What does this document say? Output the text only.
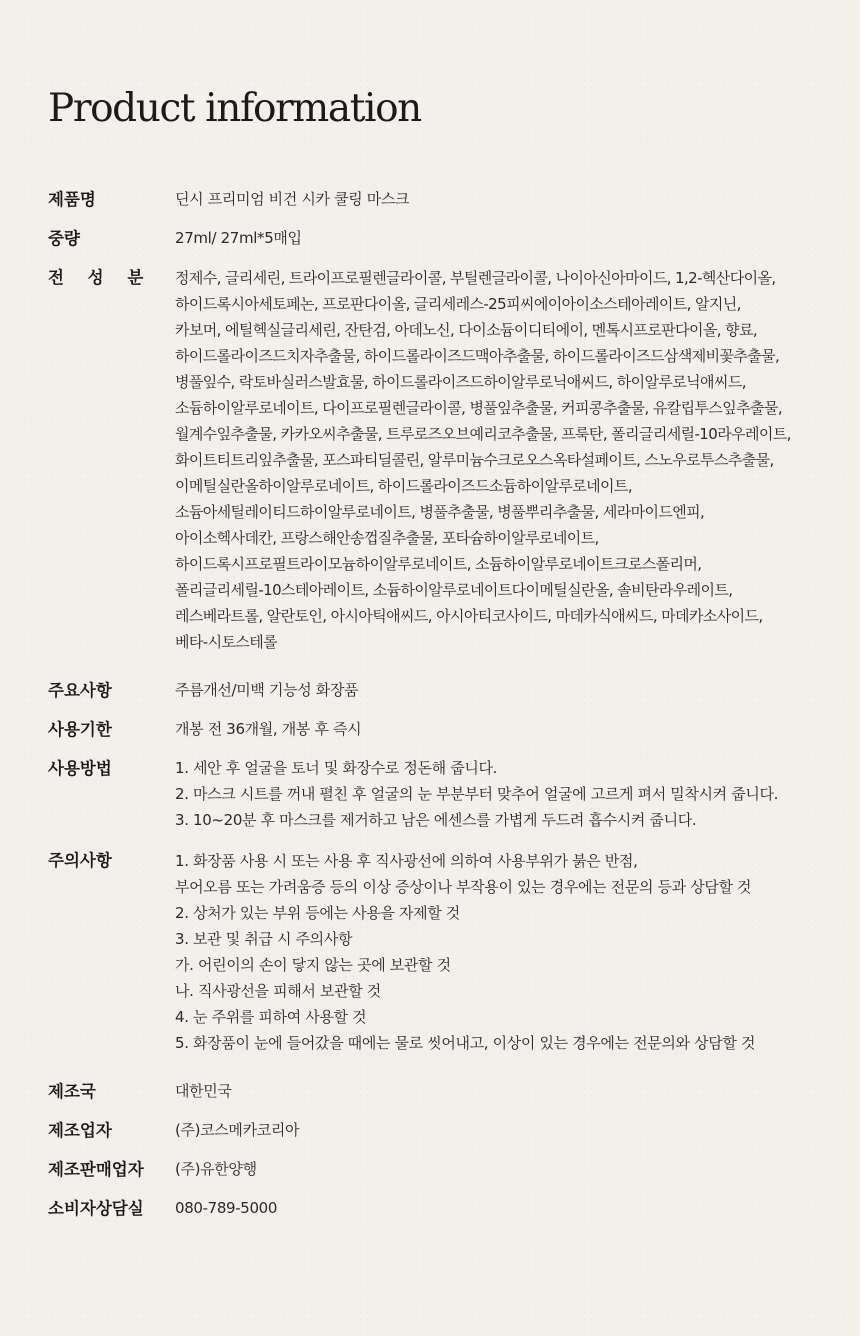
Product information
제품명	딘시 프리미엄 비건 시카 쿨링 마스크
중량	27ml/ 27ml*5매입
전 성 분	정제수, 글리세린, 트라이프로필렌글라이콜, 부틸렌글라이콜, 나이아신아마이드, 1,2-헥산다이올,
하이드록시아세토페논, 프로판다이올, 글리세레스-25피씨에이아이소스테아레이트, 알지닌,
카보머, 에틸헥실글리세린, 잔탄검, 아데노신, 다이소듐이디티에이, 멘톡시프로판다이올, 향료,
하이드롤라이즈드치자추출물, 하이드롤라이즈드맥아추출물, 하이드롤라이즈드삼색제비꽃추출물,
병풀잎수, 락토바실러스발효물, 하이드롤라이즈드하이알루로닉애씨드, 하이알루로닉애씨드,
소듐하이알루로네이트, 다이프로필렌글라이콜, 병풀잎추출물, 커피콩추출물, 유칼립투스잎추출물,
월계수잎추출물, 카카오씨추출물, 트루로즈오브예리코추출물, 프룩탄, 폴리글리세릴-10라우레이트,
화이트티트리잎추출물, 포스파티딜콜린, 알루미늄수크로오스옥타설페이트, 스노우로투스추출물,
이메틸실란올하이알루로네이트, 하이드롤라이즈드소듐하이알루로네이트,
소듐아세틸레이티드하이알루로네이트, 병풀추출물, 병풀뿌리추출물, 세라마이드엔피,
아이소헥사데칸, 프랑스해안송껍질추출물, 포타슘하이알루로네이트,
하이드록시프로필트라이모늄하이알루로네이트, 소듐하이알루로네이트크로스폴리머,
폴리글리세릴-10스테아레이트, 소듐하이알루로네이트다이메틸실란올, 솔비탄라우레이트,
레스베라트롤, 알란토인, 아시아틱애씨드, 아시아티코사이드, 마데카식애씨드, 마데카소사이드,
베타-시토스테롤
주요사항	주름개선/미백 기능성 화장품
사용기한	개봉 전 36개월, 개봉 후 즉시
사용방법	1. 세안 후 얼굴을 토너 및 화장수로 정돈해 줍니다.
2. 마스크 시트를 꺼내 펼친 후 얼굴의 눈 부분부터 맞추어 얼굴에 고르게 펴서 밀착시켜 줍니다.
3. 10~20분 후 마스크를 제거하고 남은 에센스를 가볍게 두드려 흡수시켜 줍니다.
주의사항	1. 화장품 사용 시 또는 사용 후 직사광선에 의하여 사용부위가 붉은 반점,
부어오름 또는 가려움증 등의 이상 증상이나 부작용이 있는 경우에는 전문의 등과 상담할 것
2. 상처가 있는 부위 등에는 사용을 자제할 것
3. 보관 및 취급 시 주의사항
가. 어린이의 손이 닿지 않는 곳에 보관할 것
나. 직사광선을 피해서 보관할 것
4. 눈 주위를 피하여 사용할 것
5. 화장품이 눈에 들어갔을 때에는 물로 씻어내고, 이상이 있는 경우에는 전문의와 상담할 것
제조국	대한민국
제조업자	(주)코스메카코리아
제조판매업자	(주)유한양행
소비자상담실	080-789-5000
